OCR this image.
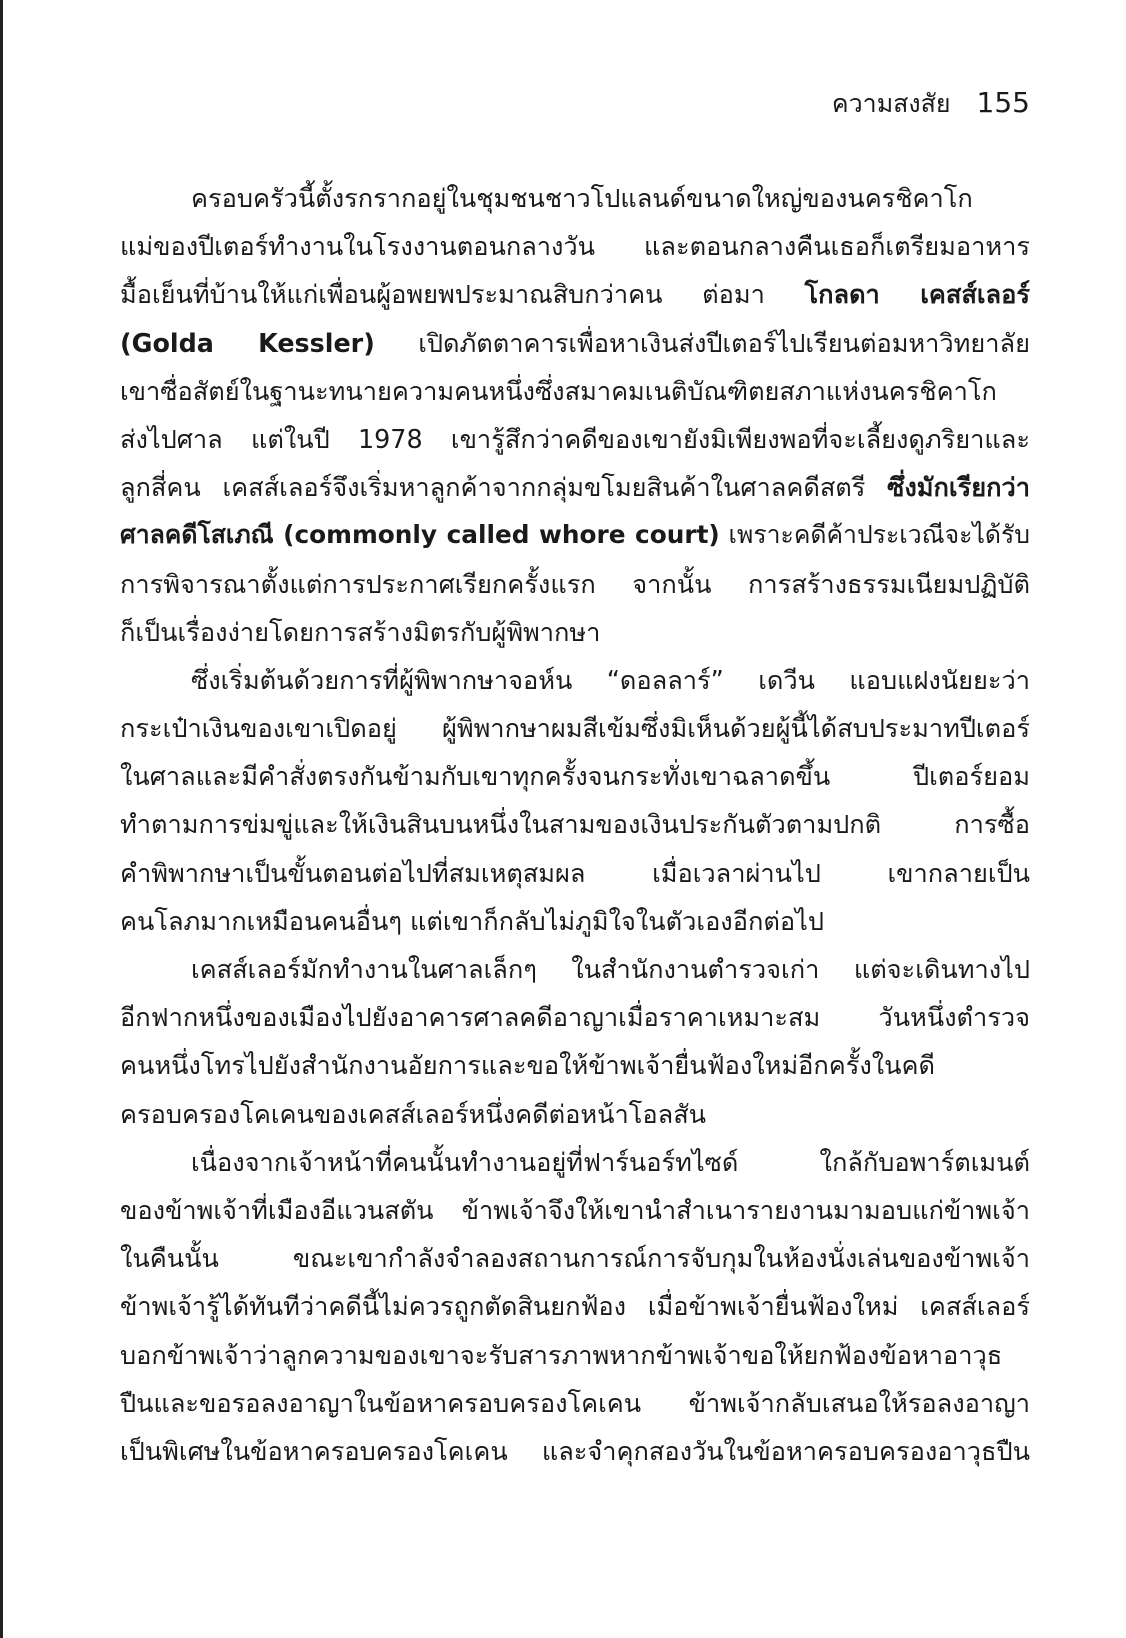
ความสงสัย 155
ครอบครัวนี้ตั้งรกรากอยู่ในชุมชนชาวโปแลนด์ขนาดใหญ่ของนครชิคาโก
แม่ของปีเตอร์ทำงานในโรงงานตอนกลางวัน และตอนกลางคืนเธอก็เตรียมอาหาร
มื้อเย็นที่บ้านให้แก่เพื่อนผู้อพยพประมาณสิบกว่าคน ต่อมา โกลดา เคสส์เลอร์
(Golda Kessler) เปิดภัตตาคารเพื่อหาเงินส่งปีเตอร์ไปเรียนต่อมหาวิทยาลัย
เขาซื่อสัตย์ในฐานะทนายความคนหนึ่งซึ่งสมาคมเนติบัณฑิตยสภาแห่งนครชิคาโก
ส่งไปศาล แต่ในปี 1978 เขารู้สึกว่าคดีของเขายังมิเพียงพอที่จะเลี้ยงดูภริยาและ
ลูกสี่คน เคสส์เลอร์จึงเริ่มหาลูกค้าจากกลุ่มขโมยสินค้าในศาลคดีสตรี ซึ่งมักเรียกว่า
ศาลคดีโสเภณี (commonly called whore court) เพราะคดีค้าประเวณีจะได้รับ
การพิจารณาตั้งแต่การประกาศเรียกครั้งแรก จากนั้น การสร้างธรรมเนียมปฏิบัติ
ก็เป็นเรื่องง่ายโดยการสร้างมิตรกับผู้พิพากษา
ซึ่งเริ่มต้นด้วยการที่ผู้พิพากษาจอห์น “ดอลลาร์” เดวีน แอบแฝงนัยยะว่า
กระเป๋าเงินของเขาเปิดอยู่ ผู้พิพากษาผมสีเข้มซึ่งมิเห็นด้วยผู้นี้ได้สบประมาทปีเตอร์
ในศาลและมีคำสั่งตรงกันข้ามกับเขาทุกครั้งจนกระทั่งเขาฉลาดขึ้น ปีเตอร์ยอม
ทำตามการข่มขู่และให้เงินสินบนหนึ่งในสามของเงินประกันตัวตามปกติ การซื้อ
คำพิพากษาเป็นขั้นตอนต่อไปที่สมเหตุสมผล เมื่อเวลาผ่านไป เขากลายเป็น
คนโลภมากเหมือนคนอื่นๆ แต่เขาก็กลับไม่ภูมิใจในตัวเองอีกต่อไป
เคสส์เลอร์มักทำงานในศาลเล็กๆ ในสำนักงานตำรวจเก่า แต่จะเดินทางไป
อีกฟากหนึ่งของเมืองไปยังอาคารศาลคดีอาญาเมื่อราคาเหมาะสม วันหนึ่งตำรวจ
คนหนึ่งโทรไปยังสำนักงานอัยการและขอให้ข้าพเจ้ายื่นฟ้องใหม่อีกครั้งในคดี
ครอบครองโคเคนของเคสส์เลอร์หนึ่งคดีต่อหน้าโอลสัน
เนื่องจากเจ้าหน้าที่คนนั้นทำงานอยู่ที่ฟาร์นอร์ทไซด์ ใกล้กับอพาร์ตเมนต์
ของข้าพเจ้าที่เมืองอีแวนสตัน ข้าพเจ้าจึงให้เขานำสำเนารายงานมามอบแก่ข้าพเจ้า
ในคืนนั้น ขณะเขากำลังจำลองสถานการณ์การจับกุมในห้องนั่งเล่นของข้าพเจ้า
ข้าพเจ้ารู้ได้ทันทีว่าคดีนี้ไม่ควรถูกตัดสินยกฟ้อง เมื่อข้าพเจ้ายื่นฟ้องใหม่ เคสส์เลอร์
บอกข้าพเจ้าว่าลูกความของเขาจะรับสารภาพหากข้าพเจ้าขอให้ยกฟ้องข้อหาอาวุธ
ปืนและขอรอลงอาญาในข้อหาครอบครองโคเคน ข้าพเจ้ากลับเสนอให้รอลงอาญา
เป็นพิเศษในข้อหาครอบครองโคเคน และจำคุกสองวันในข้อหาครอบครองอาวุธปืน
